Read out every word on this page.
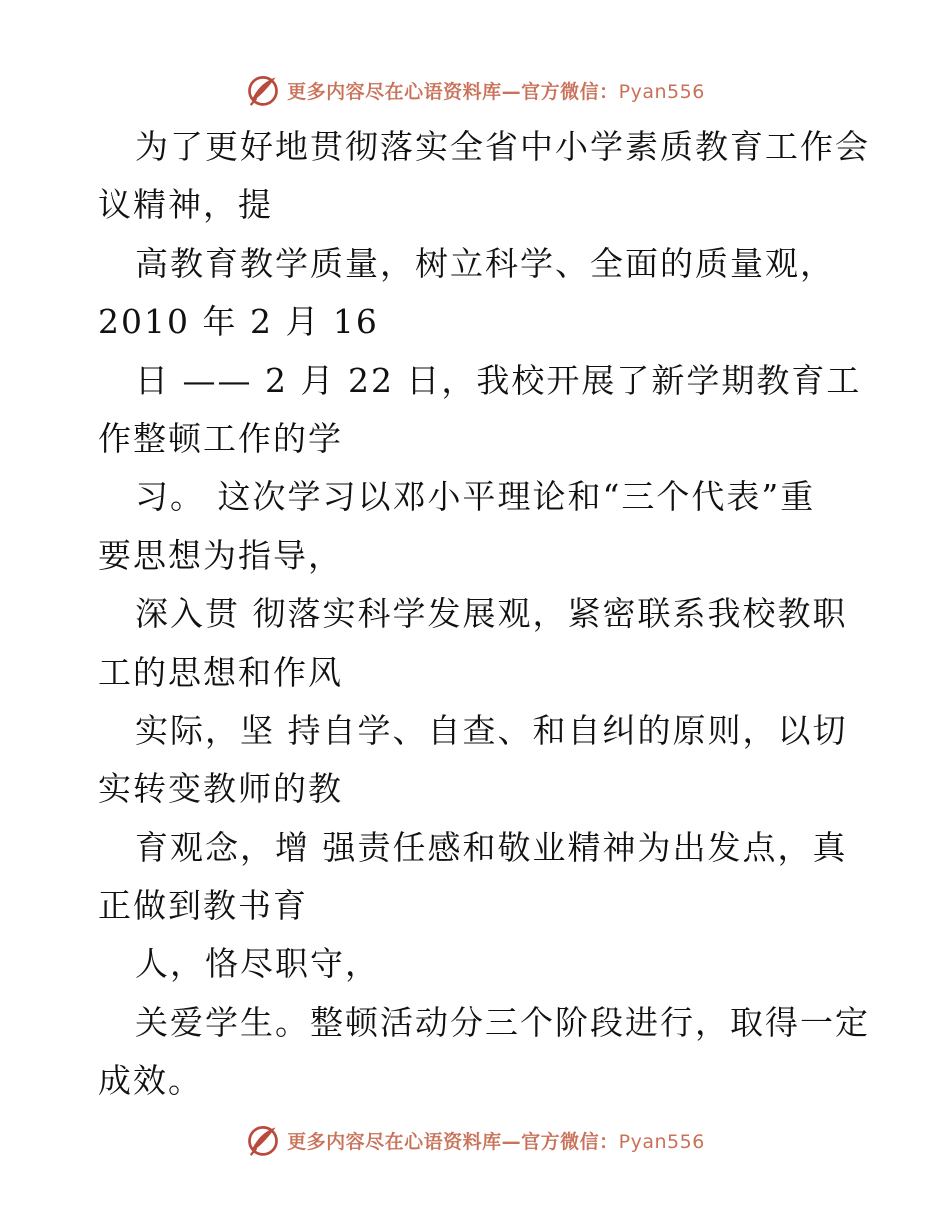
更多内容尽在心语资料库—官方微信：Pyan556
为了更好地贯彻落实全省中小学素质教育工作会
议精神，提
高教育教学质量，树立科学、全面的质量观，
2010 年 2 月 16
日 —— 2 月 22 日，我校开展了新学期教育工
作整顿工作的学
习。 这次学习以邓小平理论和“三个代表”重
要思想为指导，
深入贯 彻落实科学发展观，紧密联系我校教职
工的思想和作风
实际，坚 持自学、自查、和自纠的原则，以切
实转变教师的教
育观念，增 强责任感和敬业精神为出发点，真
正做到教书育
人，恪尽职守，
关爱学生。整顿活动分三个阶段进行，取得一定
成效。
更多内容尽在心语资料库—官方微信：Pyan556
